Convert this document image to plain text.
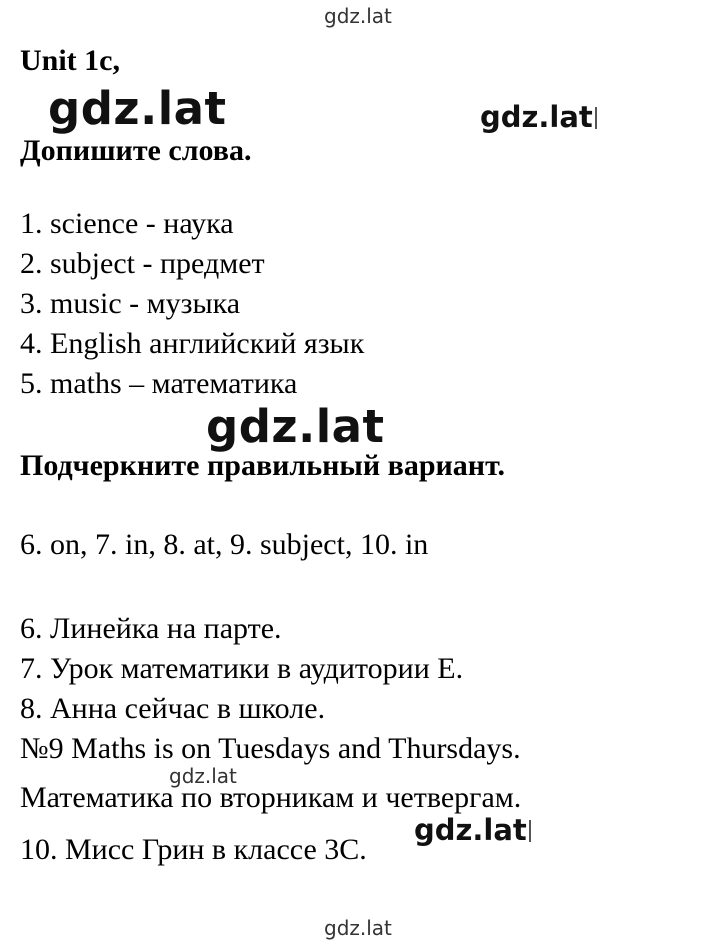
gdz.lat
gdz.lat	gdz.lat
gdz.lat
gdz.lat
gdz.lat
gdz.lat
Unit 1c,
Допишите слова.
1. science - наука
2. subject - предмет
3. music - музыка
4. English английский язык
5. maths – математика
Подчеркните правильный вариант.
6. on, 7. in, 8. at, 9. subject, 10. in
6. Линейка на парте.
7. Урок математики в аудитории Е.
8. Анна сейчас в школе.
№9 Maths is on Tuesdays and Thursdays.
Математика по вторникам и четвергам.
10. Мисс Грин в классе 3С.
